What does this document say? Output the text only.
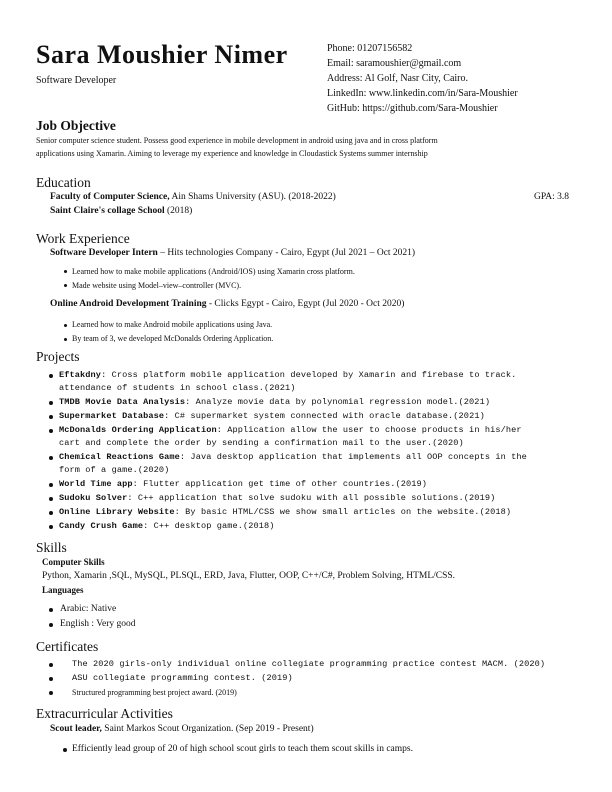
Sara Moushier Nimer
Software Developer
Phone: 01207156582
Email: saramoushier@gmail.com
Address: Al Golf, Nasr City, Cairo.
LinkedIn: www.linkedin.com/in/Sara-Moushier
GitHub: https://github.com/Sara-Moushier
Job Objective
Senior computer science student. Possess good experience in mobile development in android using java and in cross platform
applications using Xamarin. Aiming to leverage my experience and knowledge in Cloudastick Systems summer internship
Education
Faculty of Computer Science, Ain Shams University (ASU). (2018-2022)	GPA: 3.8
Saint Claire's collage School (2018)
Work Experience
Software Developer Intern – Hits technologies Company - Cairo, Egypt (Jul 2021 – Oct 2021)
Learned how to make mobile applications (Android/IOS) using Xamarin cross platform.
Made website using Model–view–controller (MVC).
Online Android Development Training - Clicks Egypt - Cairo, Egypt (Jul 2020 - Oct 2020)
Learned how to make Android mobile applications using Java.
By team of 3, we developed McDonalds Ordering Application.
Projects
Eftakdny: Cross platform mobile application developed by Xamarin and firebase to track.
attendance of students in school class.(2021)
TMDB Movie Data Analysis: Analyze movie data by polynomial regression model.(2021)
Supermarket Database: C# supermarket system connected with oracle database.(2021)
McDonalds Ordering Application: Application allow the user to choose products in his/her
cart and complete the order by sending a confirmation mail to the user.(2020)
Chemical Reactions Game: Java desktop application that implements all OOP concepts in the
form of a game.(2020)
World Time app: Flutter application get time of other countries.(2019)
Sudoku Solver: C++ application that solve sudoku with all possible solutions.(2019)
Online Library Website: By basic HTML/CSS we show small articles on the website.(2018)
Candy Crush Game: C++ desktop game.(2018)
Skills
Computer Skills
Python, Xamarin ,SQL, MySQL, PLSQL, ERD, Java, Flutter, OOP, C++/C#, Problem Solving, HTML/CSS.
Languages
Arabic: Native
English : Very good
Certificates
The 2020 girls-only individual online collegiate programming practice contest MACM. (2020)
ASU collegiate programming contest. (2019)
Structured programming best project award. (2019)
Extracurricular Activities
Scout leader, Saint Markos Scout Organization. (Sep 2019 - Present)
Efficiently lead group of 20 of high school scout girls to teach them scout skills in camps.
